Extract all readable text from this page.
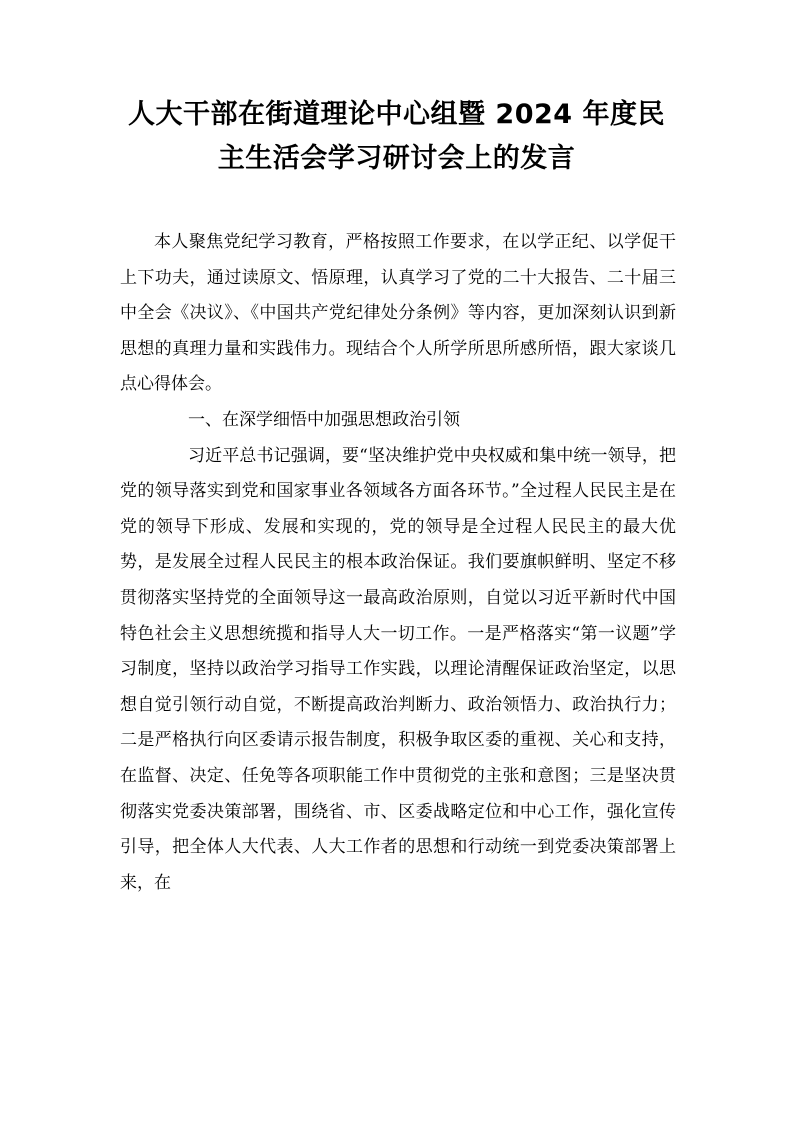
人大干部在街道理论中心组暨 2024 年度民
主生活会学习研讨会上的发言

本人聚焦党纪学习教育，严格按照工作要求，在以学正纪、以学促干上下功夫，通过读原文、悟原理，认真学习了党的二十大报告、二十届三中全会《决议》、《中国共产党纪律处分条例》等内容，更加深刻认识到新思想的真理力量和实践伟力。现结合个人所学所思所感所悟，跟大家谈几点心得体会。

一、在深学细悟中加强思想政治引领

习近平总书记强调，要“坚决维护党中央权威和集中统一领导，把党的领导落实到党和国家事业各领域各方面各环节。”全过程人民民主是在党的领导下形成、发展和实现的，党的领导是全过程人民民主的最大优势，是发展全过程人民民主的根本政治保证。我们要旗帜鲜明、坚定不移贯彻落实坚持党的全面领导这一最高政治原则，自觉以习近平新时代中国特色社会主义思想统揽和指导人大一切工作。一是严格落实“第一议题”学习制度，坚持以政治学习指导工作实践，以理论清醒保证政治坚定，以思想自觉引领行动自觉，不断提高政治判断力、政治领悟力、政治执行力；二是严格执行向区委请示报告制度，积极争取区委的重视、关心和支持，在监督、决定、任免等各项职能工作中贯彻党的主张和意图；三是坚决贯彻落实党委决策部署，围绕省、市、区委战略定位和中心工作，强化宣传引导，把全体人大代表、人大工作者的思想和行动统一到党委决策部署上来，在
